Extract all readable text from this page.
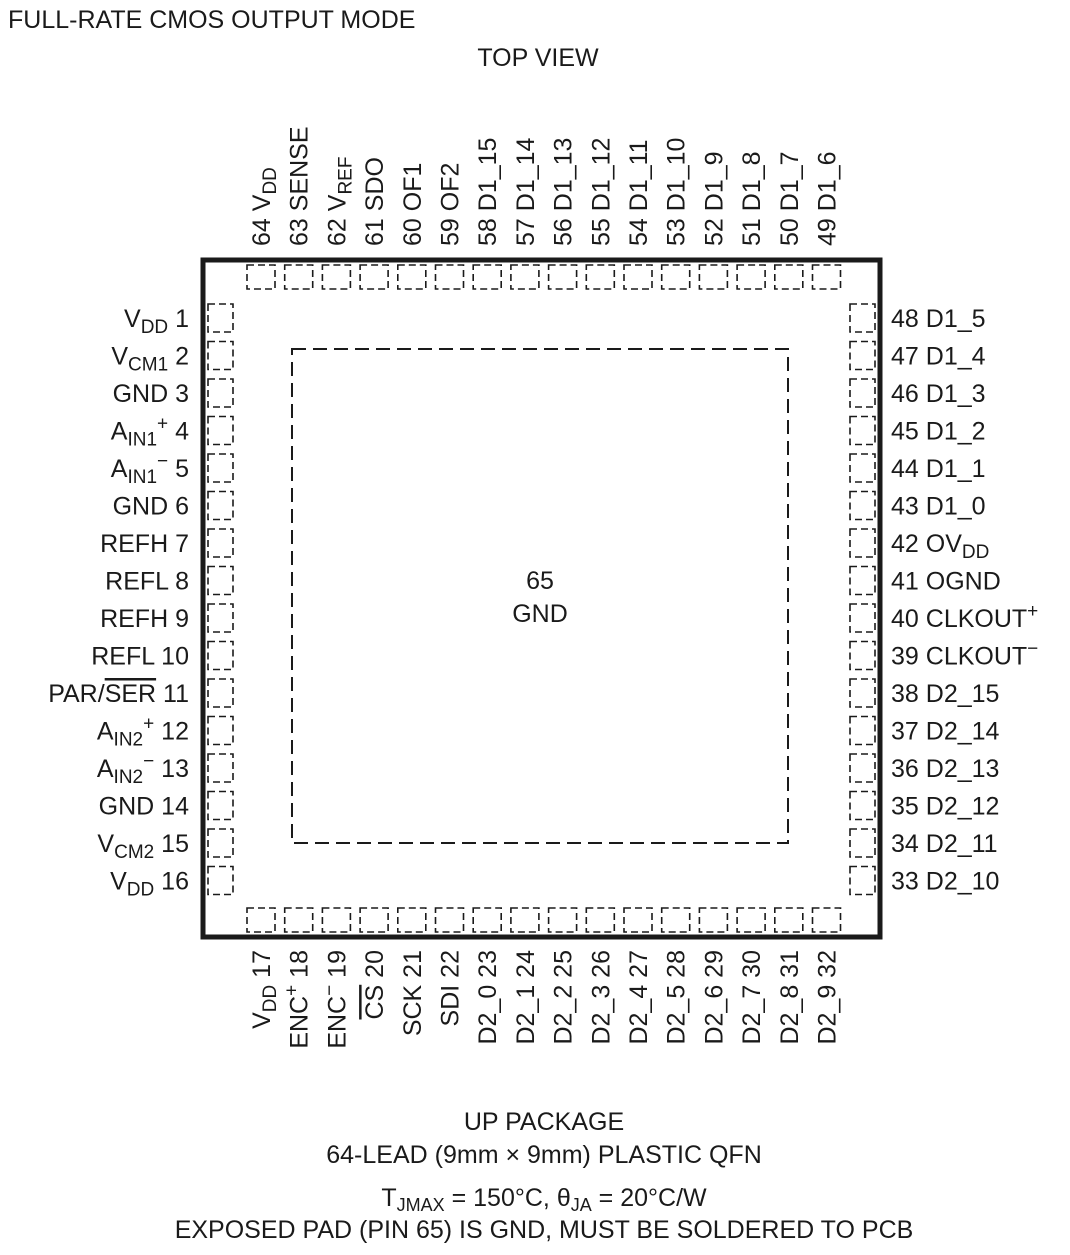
FULL-RATE CMOS OUTPUT MODE
TOP VIEW
65
GND
$V_{DD}$ 1
$V_{CM1}$ 2
GND 3
$A_{IN1}^+$ 4
$A_{IN1}^-$ 5
GND 6
REFH 7
REFL 8
REFH 9
REFL 10
PAR/SER 11
$A_{IN2}^+$ 12
$A_{IN2}^-$ 13
GND 14
$V_{CM2}$ 15
$V_{DD}$ 16
48 D1_5
47 D1_4
46 D1_3
45 D1_2
44 D1_1
43 D1_0
42 $OV_{DD}$
41 OGND
40 CLKOUT+
39 CLKOUT−
38 D2_15
37 D2_14
36 D2_13
35 D2_12
34 D2_11
33 D2_10
64 $V_{DD}$
63 SENSE
62 $V_{REF}$
61 SDO
60 OF1
59 OF2
58 D1_15
57 D1_14
56 D1_13
55 D1_12
54 D1_11
53 D1_10
52 D1_9
51 D1_8
50 D1_7
49 D1_6
$V_{DD}$ 17
ENC+ 18
ENC− 19
CS 20
SCK 21
SDI 22
D2_0 23
D2_1 24
D2_2 25
D2_3 26
D2_4 27
D2_5 28
D2_6 29
D2_7 30
D2_8 31
D2_9 32
UP PACKAGE
64-LEAD (9mm × 9mm) PLASTIC QFN
$T_{JMAX} = 150^\circ C$, $\theta_{JA} = 20^\circ C/W$
EXPOSED PAD (PIN 65) IS GND, MUST BE SOLDERED TO PCB
